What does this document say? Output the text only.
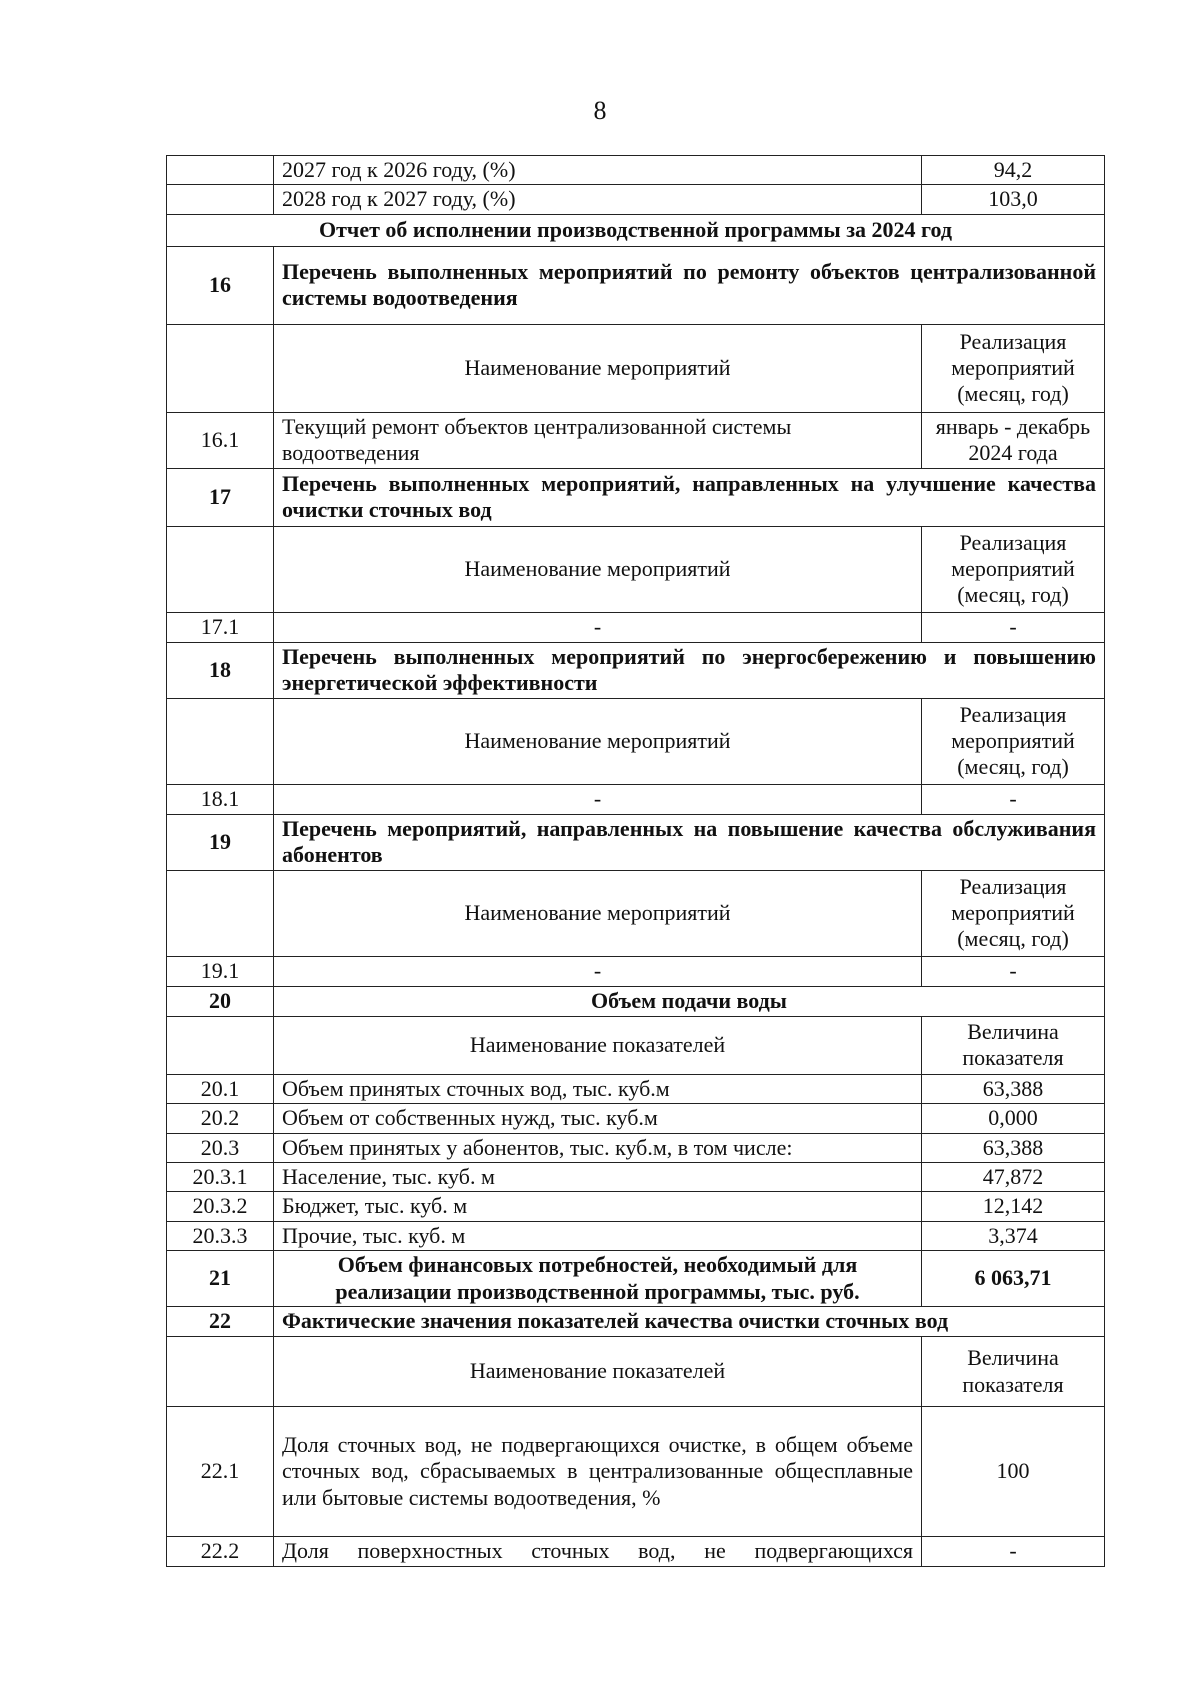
8
	2027 год к 2026 году, (%)	94,2
	2028 год к 2027 году, (%)	103,0
Отчет об исполнении производственной программы за 2024 год		
16	Перечень выполненных мероприятий по ремонту объектов централизованной системы водоотведения	
	Наименование мероприятий	Реализация мероприятий (месяц, год)
16.1	Текущий ремонт объектов централизованной системы водоотведения	январь - декабрь 2024 года
17	Перечень выполненных мероприятий, направленных на улучшение качества очистки сточных вод	
	Наименование мероприятий	Реализация мероприятий (месяц, год)
17.1	-	-
18	Перечень выполненных мероприятий по энергосбережению и повышению энергетической эффективности	
	Наименование мероприятий	Реализация мероприятий (месяц, год)
18.1	-	-
19	Перечень мероприятий, направленных на повышение качества обслуживания абонентов	
	Наименование мероприятий	Реализация мероприятий (месяц, год)
19.1	-	-
20	Объем подачи воды	
	Наименование показателей	Величина показателя
20.1	Объем принятых сточных вод, тыс. куб.м	63,388
20.2	Объем от собственных нужд, тыс. куб.м	0,000
20.3	Объем принятых у абонентов, тыс. куб.м, в том числе:	63,388
20.3.1	Население, тыс. куб. м	47,872
20.3.2	Бюджет, тыс. куб. м	12,142
20.3.3	Прочие, тыс. куб. м	3,374
21	Объем финансовых потребностей, необходимый для реализации производственной программы, тыс. руб.	6 063,71
22	Фактические значения показателей качества очистки сточных вод	
	Наименование показателей	Величина показателя
22.1	Доля сточных вод, не подвергающихся очистке, в общем объеме сточных вод, сбрасываемых в централизованные общесплавные или бытовые системы водоотведения, %	100
22.2	Доля поверхностных сточных вод, не подвергающихся	-
